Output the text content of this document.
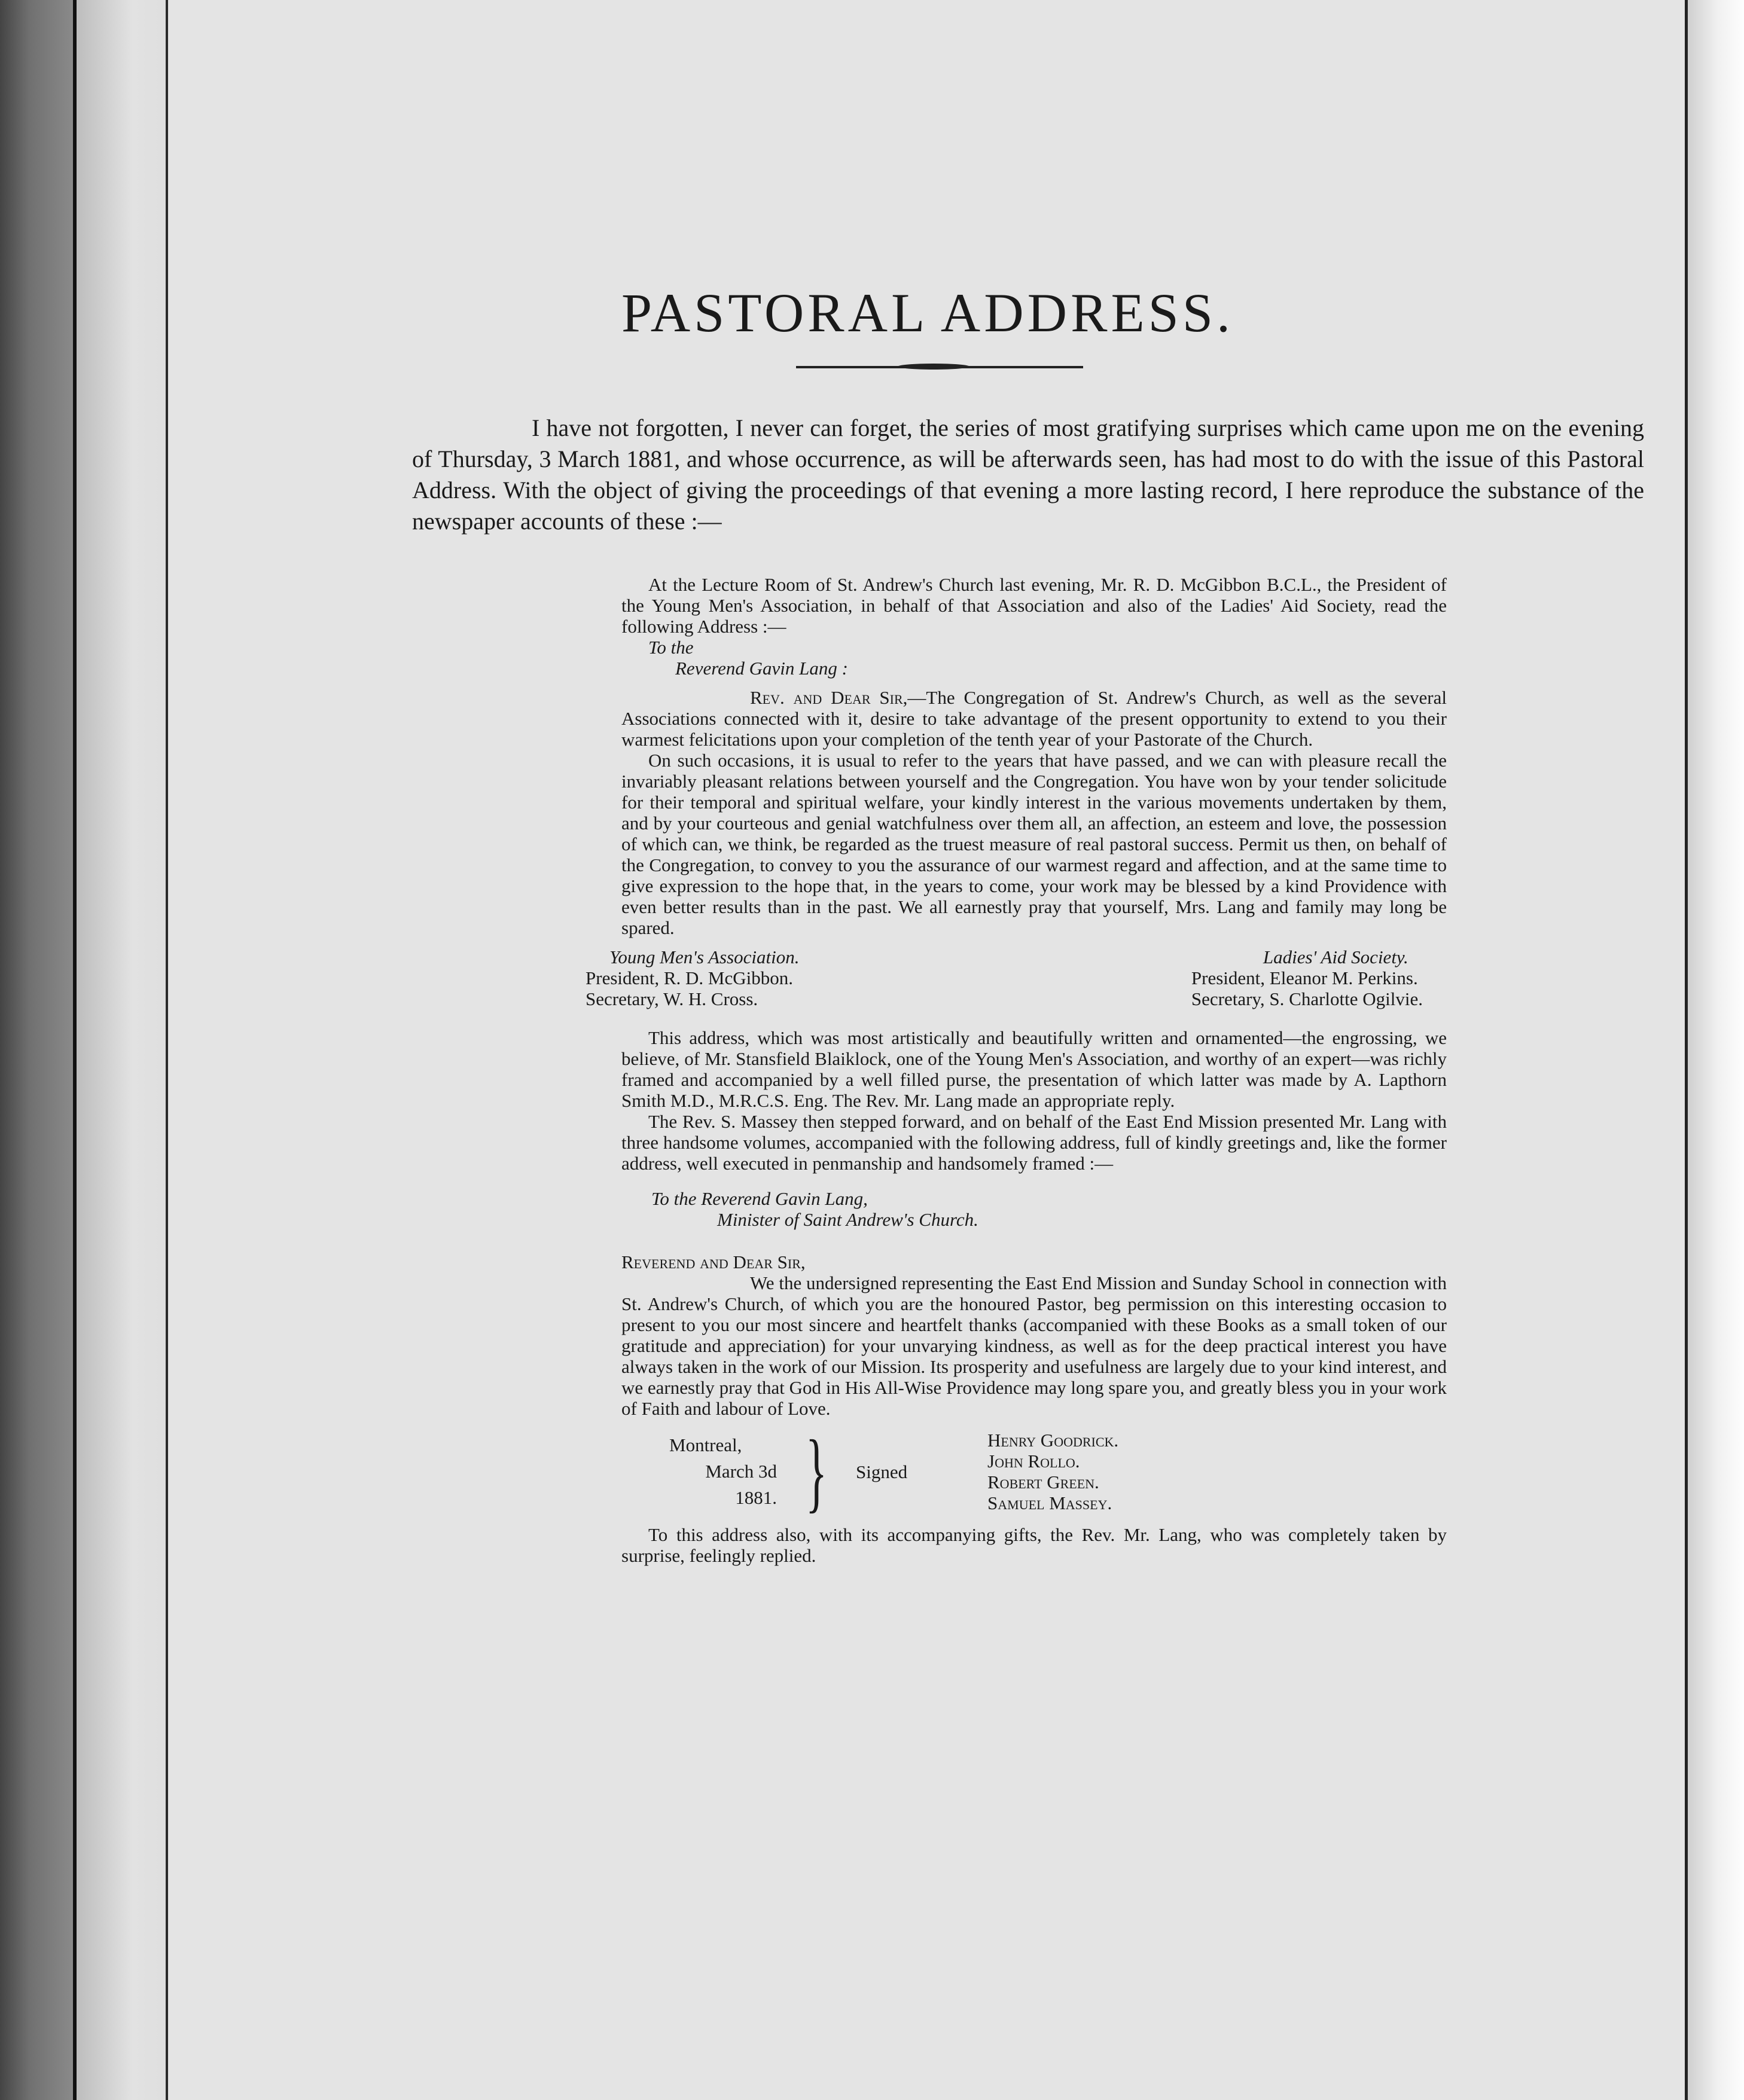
PASTORAL ADDRESS.

I have not forgotten, I never can forget, the series of most gratifying surprises which came upon me on the evening of Thursday, 3 March 1881, and whose occurrence, as will be afterwards seen, has had most to do with the issue of this Pastoral Address. With the object of giving the proceedings of that evening a more lasting record, I here reproduce the substance of the newspaper accounts of these :—

At the Lecture Room of St. Andrew's Church last evening, Mr. R. D. McGibbon B.C.L., the President of the Young Men's Association, in behalf of that Association and also of the Ladies' Aid Society, read the following Address :—

To the
Reverend Gavin Lang :

Rev. and Dear Sir,—The Congregation of St. Andrew's Church, as well as the several Associations connected with it, desire to take advantage of the present opportunity to extend to you their warmest felicitations upon your completion of the tenth year of your Pastorate of the Church.

On such occasions, it is usual to refer to the years that have passed, and we can with pleasure recall the invariably pleasant relations between yourself and the Congregation. You have won by your tender solicitude for their temporal and spiritual welfare, your kindly interest in the various movements undertaken by them, and by your courteous and genial watchfulness over them all, an affection, an esteem and love, the possession of which can, we think, be regarded as the truest measure of real pastoral success. Permit us then, on behalf of the Congregation, to convey to you the assurance of our warmest regard and affection, and at the same time to give expression to the hope that, in the years to come, your work may be blessed by a kind Providence with even better results than in the past. We all earnestly pray that yourself, Mrs. Lang and family may long be spared.

Young Men's Association.
President, R. D. McGibbon.
Secretary, W. H. Cross.
Ladies' Aid Society.
President, Eleanor M. Perkins.
Secretary, S. Charlotte Ogilvie.

This address, which was most artistically and beautifully written and ornamented—the engrossing, we believe, of Mr. Stansfield Blaiklock, one of the Young Men's Association, and worthy of an expert—was richly framed and accompanied by a well filled purse, the presentation of which latter was made by A. Lapthorn Smith M.D., M.R.C.S. Eng. The Rev. Mr. Lang made an appropriate reply.

The Rev. S. Massey then stepped forward, and on behalf of the East End Mission presented Mr. Lang with three handsome volumes, accompanied with the following address, full of kindly greetings and, like the former address, well executed in penmanship and handsomely framed :—

To the Reverend Gavin Lang,
Minister of Saint Andrew's Church.
Reverend and Dear Sir,

We the undersigned representing the East End Mission and Sunday School in connection with St. Andrew's Church, of which you are the honoured Pastor, beg permission on this interesting occasion to present to you our most sincere and heartfelt thanks (accompanied with these Books as a small token of our gratitude and appreciation) for your unvarying kindness, as well as for the deep practical interest you have always taken in the work of our Mission. Its prosperity and usefulness are largely due to your kind interest, and we earnestly pray that God in His All-Wise Providence may long spare you, and greatly bless you in your work of Faith and labour of Love.

Montreal,
March 3d
1881. } Signed
Henry Goodrick.
John Rollo.
Robert Green.
Samuel Massey.

To this address also, with its accompanying gifts, the Rev. Mr. Lang, who was completely taken by surprise, feelingly replied.
